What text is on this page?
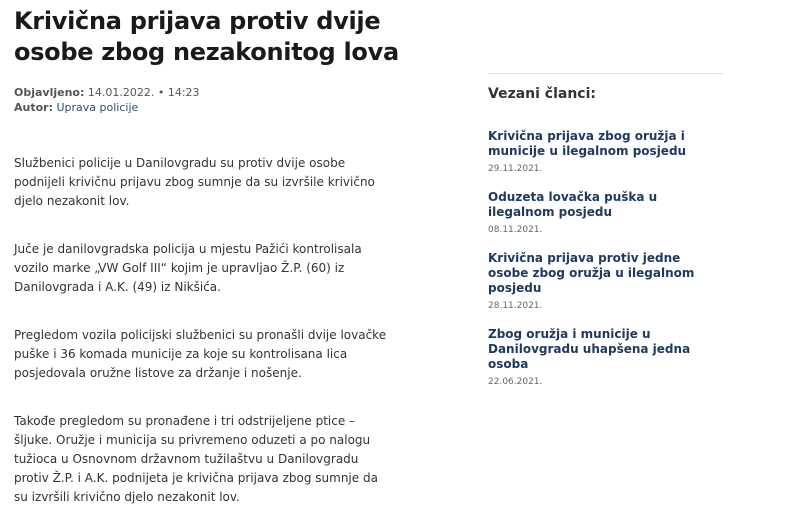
Krivična prijava protiv dvije osobe zbog nezakonitog lova
Objavljeno: 14.01.2022. • 14:23
Autor: Uprava policije

Službenici policije u Danilovgradu su protiv dvije osobe podnijeli krivičnu prijavu zbog sumnje da su izvršile krivično djelo nezakonit lov.

Juče je danilovgradska policija u mjestu Pažići kontrolisala vozilo marke „VW Golf III“ kojim je upravljao Ž.P. (60) iz Danilovgrada i A.K. (49) iz Nikšića.

Pregledom vozila policijski službenici su pronašli dvije lovačke puške i 36 komada municije za koje su kontrolisana lica posjedovala oružne listove za držanje i nošenje.

Takođe pregledom su pronađene i tri odstrijeljene ptice – šljuke. Oružje i municija su privremeno oduzeti a po nalogu tužioca u Osnovnom državnom tužilaštvu u Danilovgradu protiv Ž.P. i A.K. podnijeta je krivična prijava zbog sumnje da su izvršili krivično djelo nezakonit lov.

Vezani članci:
Krivična prijava zbog oružja i municije u ilegalnom posjedu
29.11.2021.
Oduzeta lovačka puška u ilegalnom posjedu
08.11.2021.
Krivična prijava protiv jedne osobe zbog oružja u ilegalnom posjedu
28.11.2021.
Zbog oružja i municije u Danilovgradu uhapšena jedna osoba
22.06.2021.
